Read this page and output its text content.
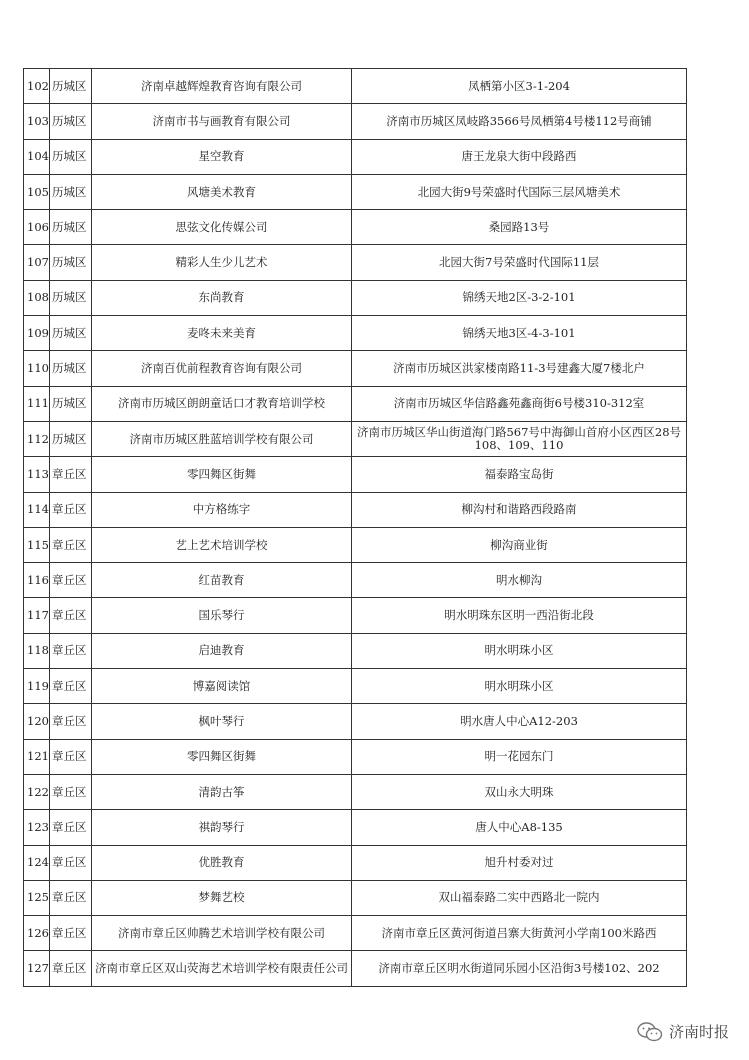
102	历城区	济南卓越辉煌教育咨询有限公司	凤栖第小区3-1-204
103	历城区	济南市书与画教育有限公司	济南市历城区凤岐路3566号凤栖第4号楼112号商铺
104	历城区	星空教育	唐王龙泉大街中段路西
105	历城区	风塘美术教育	北园大街9号荣盛时代国际三层风塘美术
106	历城区	思弦文化传媒公司	桑园路13号
107	历城区	精彩人生少儿艺术	北园大街7号荣盛时代国际11层
108	历城区	东尚教育	锦绣天地2区-3-2-101
109	历城区	麦咚未来美育	锦绣天地3区-4-3-101
110	历城区	济南百优前程教育咨询有限公司	济南市历城区洪家楼南路11-3号建鑫大厦7楼北户
111	历城区	济南市历城区朗朗童话口才教育培训学校	济南市历城区华信路鑫苑鑫商街6号楼310-312室
112	历城区	济南市历城区胜蓝培训学校有限公司	济南市历城区华山街道海门路567号中海御山首府小区西区28号108、109、110
113	章丘区	零四舞区街舞	福泰路宝岛街
114	章丘区	中方格练字	柳沟村和谐路西段路南
115	章丘区	艺上艺术培训学校	柳沟商业街
116	章丘区	红苗教育	明水柳沟
117	章丘区	国乐琴行	明水明珠东区明一西沿街北段
118	章丘区	启迪教育	明水明珠小区
119	章丘区	博嘉阅读馆	明水明珠小区
120	章丘区	枫叶琴行	明水唐人中心A12-203
121	章丘区	零四舞区街舞	明一花园东门
122	章丘区	清韵古筝	双山永大明珠
123	章丘区	祺韵琴行	唐人中心A8-135
124	章丘区	优胜教育	旭升村委对过
125	章丘区	梦舞艺校	双山福泰路二实中西路北一院内
126	章丘区	济南市章丘区帅腾艺术培训学校有限公司	济南市章丘区黄河街道吕寨大街黄河小学南100米路西
127	章丘区	济南市章丘区双山荧海艺术培训学校有限责任公司	济南市章丘区明水街道同乐园小区沿街3号楼102、202
济南时报
